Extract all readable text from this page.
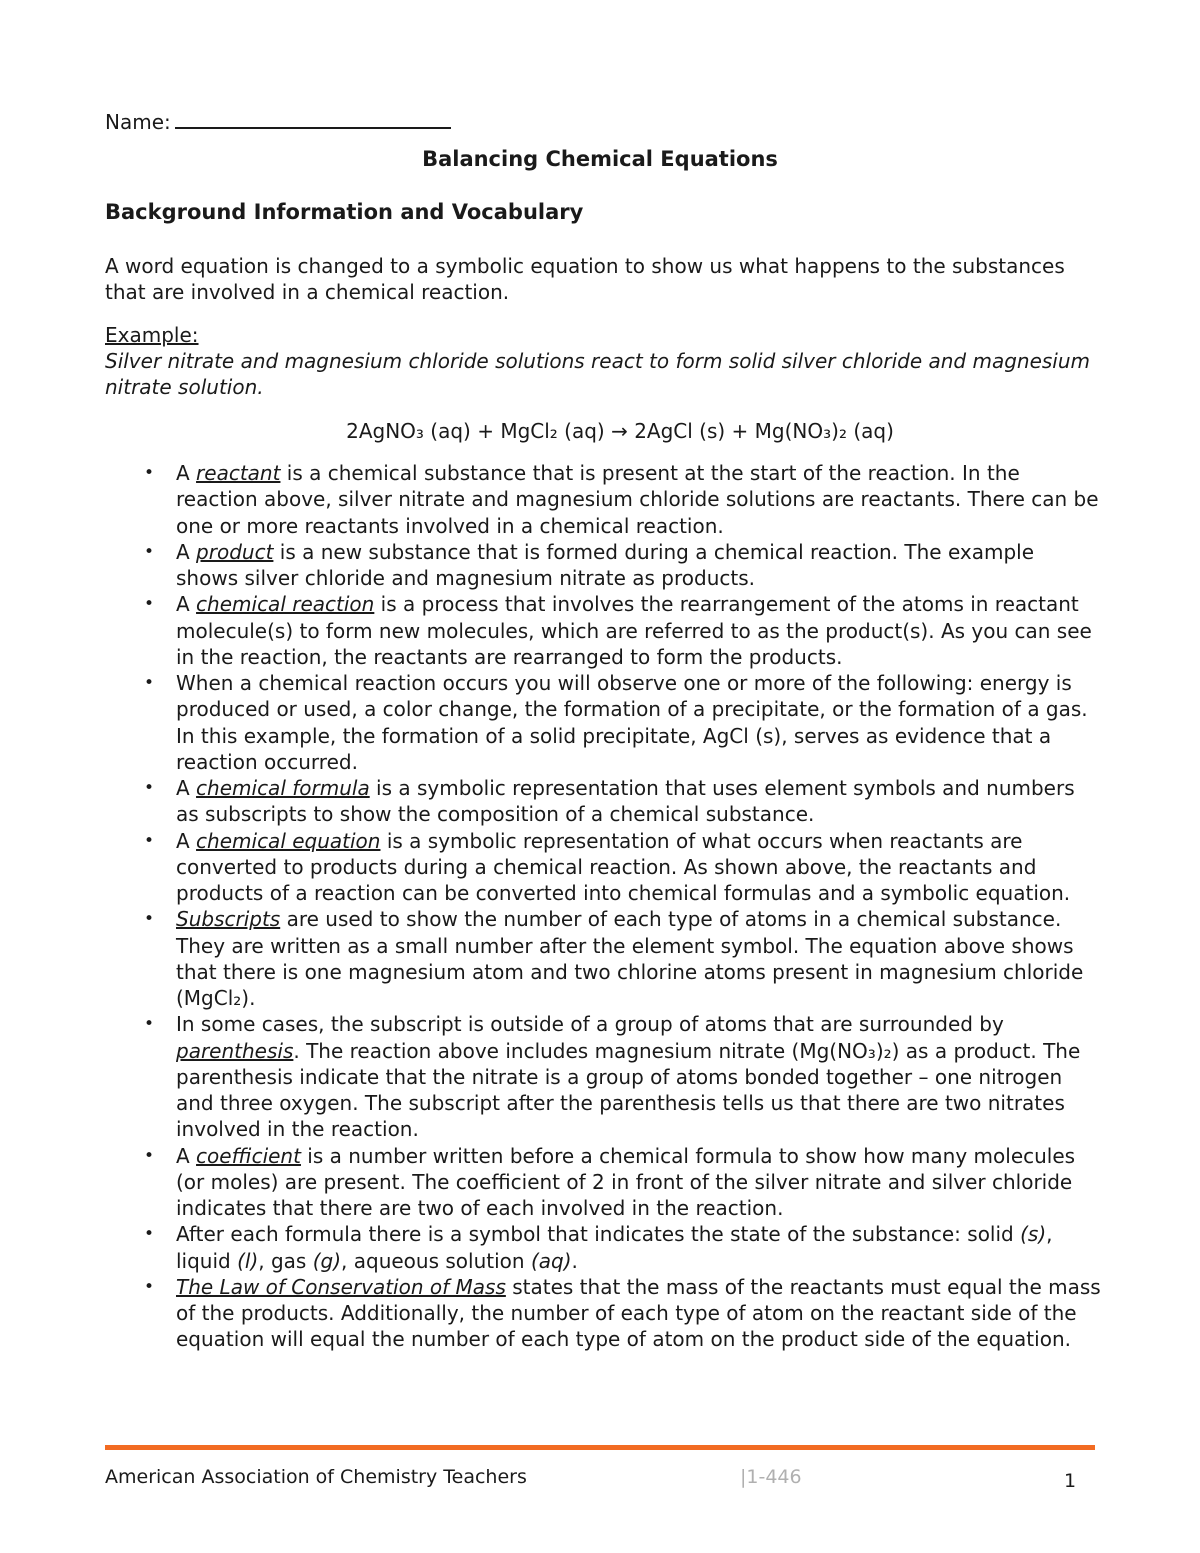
Name:
Balancing Chemical Equations
Background Information and Vocabulary
A word equation is changed to a symbolic equation to show us what happens to the substances that are involved in a chemical reaction.
Example:
Silver nitrate and magnesium chloride solutions react to form solid silver chloride and magnesium nitrate solution.
2AgNO₃ (aq) + MgCl₂ (aq) → 2AgCl (s) + Mg(NO₃)₂ (aq)
• A reactant is a chemical substance that is present at the start of the reaction. In the reaction above, silver nitrate and magnesium chloride solutions are reactants. There can be one or more reactants involved in a chemical reaction.
• A product is a new substance that is formed during a chemical reaction. The example shows silver chloride and magnesium nitrate as products.
• A chemical reaction is a process that involves the rearrangement of the atoms in reactant molecule(s) to form new molecules, which are referred to as the product(s). As you can see in the reaction, the reactants are rearranged to form the products.
• When a chemical reaction occurs you will observe one or more of the following: energy is produced or used, a color change, the formation of a precipitate, or the formation of a gas. In this example, the formation of a solid precipitate, AgCl (s), serves as evidence that a reaction occurred.
• A chemical formula is a symbolic representation that uses element symbols and numbers as subscripts to show the composition of a chemical substance.
• A chemical equation is a symbolic representation of what occurs when reactants are converted to products during a chemical reaction. As shown above, the reactants and products of a reaction can be converted into chemical formulas and a symbolic equation.
• Subscripts are used to show the number of each type of atoms in a chemical substance. They are written as a small number after the element symbol. The equation above shows that there is one magnesium atom and two chlorine atoms present in magnesium chloride (MgCl₂).
• In some cases, the subscript is outside of a group of atoms that are surrounded by parenthesis. The reaction above includes magnesium nitrate (Mg(NO₃)₂) as a product. The parenthesis indicate that the nitrate is a group of atoms bonded together – one nitrogen and three oxygen. The subscript after the parenthesis tells us that there are two nitrates involved in the reaction.
• A coefficient is a number written before a chemical formula to show how many molecules (or moles) are present. The coefficient of 2 in front of the silver nitrate and silver chloride indicates that there are two of each involved in the reaction.
• After each formula there is a symbol that indicates the state of the substance: solid (s), liquid (l), gas (g), aqueous solution (aq).
• The Law of Conservation of Mass states that the mass of the reactants must equal the mass of the products. Additionally, the number of each type of atom on the reactant side of the equation will equal the number of each type of atom on the product side of the equation.
American Association of Chemistry Teachers	|1-446	1
